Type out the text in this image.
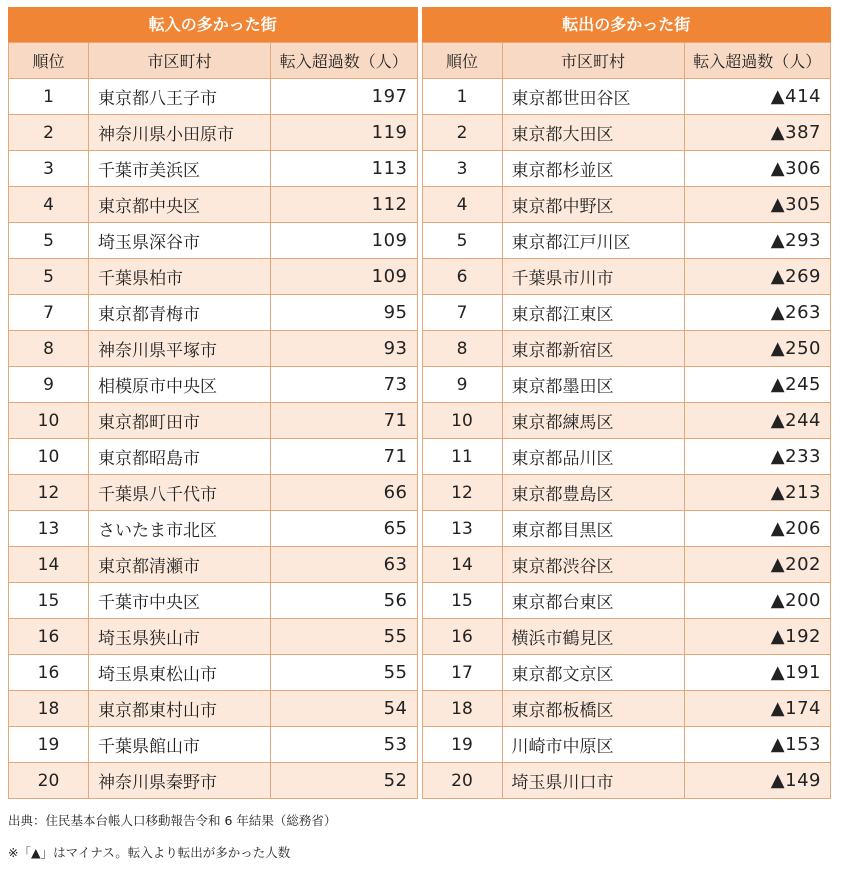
転入の多かった街
順位	市区町村	転入超過数（人）
1	東京都八王子市	197
2	神奈川県小田原市	119
3	千葉市美浜区	113
4	東京都中央区	112
5	埼玉県深谷市	109
5	千葉県柏市	109
7	東京都青梅市	95
8	神奈川県平塚市	93
9	相模原市中央区	73
10	東京都町田市	71
10	東京都昭島市	71
12	千葉県八千代市	66
13	さいたま市北区	65
14	東京都清瀬市	63
15	千葉市中央区	56
16	埼玉県狭山市	55
16	埼玉県東松山市	55
18	東京都東村山市	54
19	千葉県館山市	53
20	神奈川県秦野市	52
転出の多かった街
順位	市区町村	転入超過数（人）
1	東京都世田谷区	▲414
2	東京都大田区	▲387
3	東京都杉並区	▲306
4	東京都中野区	▲305
5	東京都江戸川区	▲293
6	千葉県市川市	▲269
7	東京都江東区	▲263
8	東京都新宿区	▲250
9	東京都墨田区	▲245
10	東京都練馬区	▲244
11	東京都品川区	▲233
12	東京都豊島区	▲213
13	東京都目黒区	▲206
14	東京都渋谷区	▲202
15	東京都台東区	▲200
16	横浜市鶴見区	▲192
17	東京都文京区	▲191
18	東京都板橋区	▲174
19	川崎市中原区	▲153
20	埼玉県川口市	▲149

出典：住民基本台帳人口移動報告令和 6 年結果（総務省）

※「▲」はマイナス。転入より転出が多かった人数
